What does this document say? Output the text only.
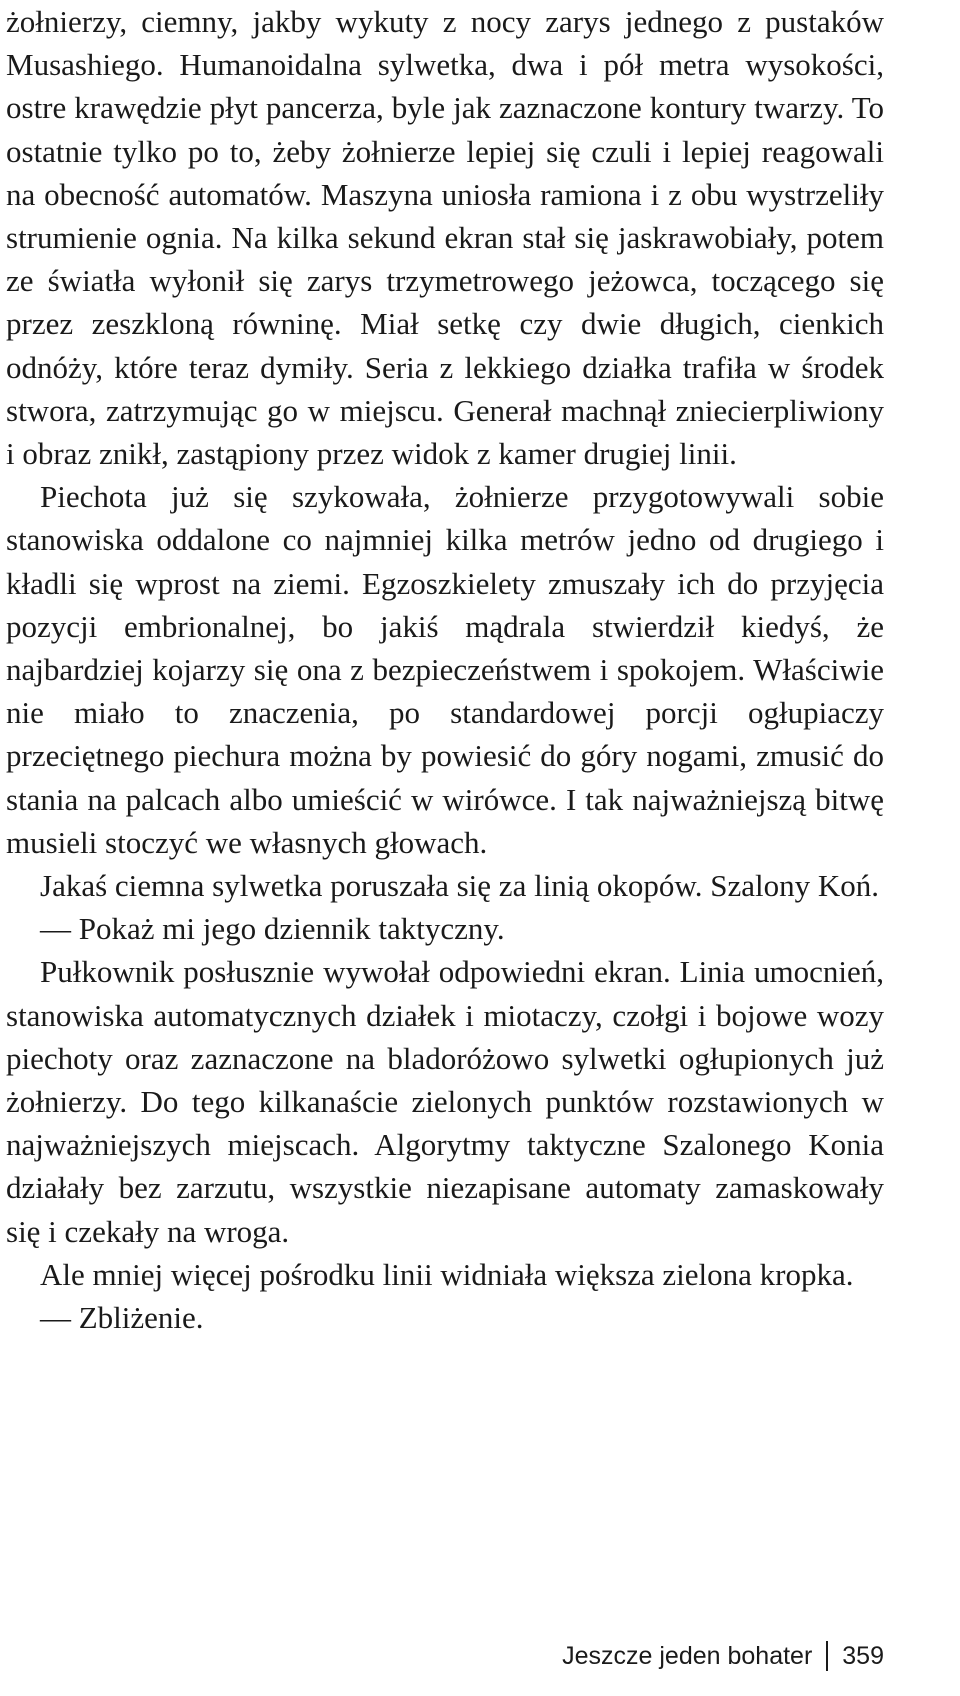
żołnierzy, ciemny, jakby wykuty z nocy zarys jednego z pustaków Musashiego. Humanoidalna sylwetka, dwa i pół metra wysokości, ostre krawędzie płyt pancerza, byle jak zaznaczone kontury twarzy. To ostatnie tylko po to, żeby żołnierze lepiej się czuli i lepiej reagowali na obecność automatów. Maszyna uniosła ramiona i z obu wystrzeliły strumienie ognia. Na kilka sekund ekran stał się jaskrawobiały, potem ze światła wyłonił się zarys trzymetrowego jeżowca, toczącego się przez zeszkloną równinę. Miał setkę czy dwie długich, cienkich odnóży, które teraz dymiły. Seria z lekkiego działka trafiła w środek stwora, zatrzymując go w miejscu. Generał machnął zniecierpliwiony i obraz znikł, zastąpiony przez widok z kamer drugiej linii.

Piechota już się szykowała, żołnierze przygotowywali sobie stanowiska oddalone co najmniej kilka metrów jedno od drugiego i kładli się wprost na ziemi. Egzoszkielety zmuszały ich do przyjęcia pozycji embrionalnej, bo jakiś mądrala stwierdził kiedyś, że najbardziej kojarzy się ona z bezpieczeństwem i spokojem. Właściwie nie miało to znaczenia, po standardowej porcji ogłupiaczy przeciętnego piechura można by powiesić do góry nogami, zmusić do stania na palcach albo umieścić w wirówce. I tak najważniejszą bitwę musieli stoczyć we własnych głowach.

Jakaś ciemna sylwetka poruszała się za linią okopów. Szalony Koń.

— Pokaż mi jego dziennik taktyczny.

Pułkownik posłusznie wywołał odpowiedni ekran. Linia umocnień, stanowiska automatycznych działek i miotaczy, czołgi i bojowe wozy piechoty oraz zaznaczone na bladoróżowo sylwetki ogłupionych już żołnierzy. Do tego kilkanaście zielonych punktów rozstawionych w najważniejszych miejscach. Algorytmy taktyczne Szalonego Konia działały bez zarzutu, wszystkie niezapisane automaty zamaskowały się i czekały na wroga.

Ale mniej więcej pośrodku linii widniała większa zielona kropka.

— Zbliżenie.

Jeszcze jeden bohater 359
